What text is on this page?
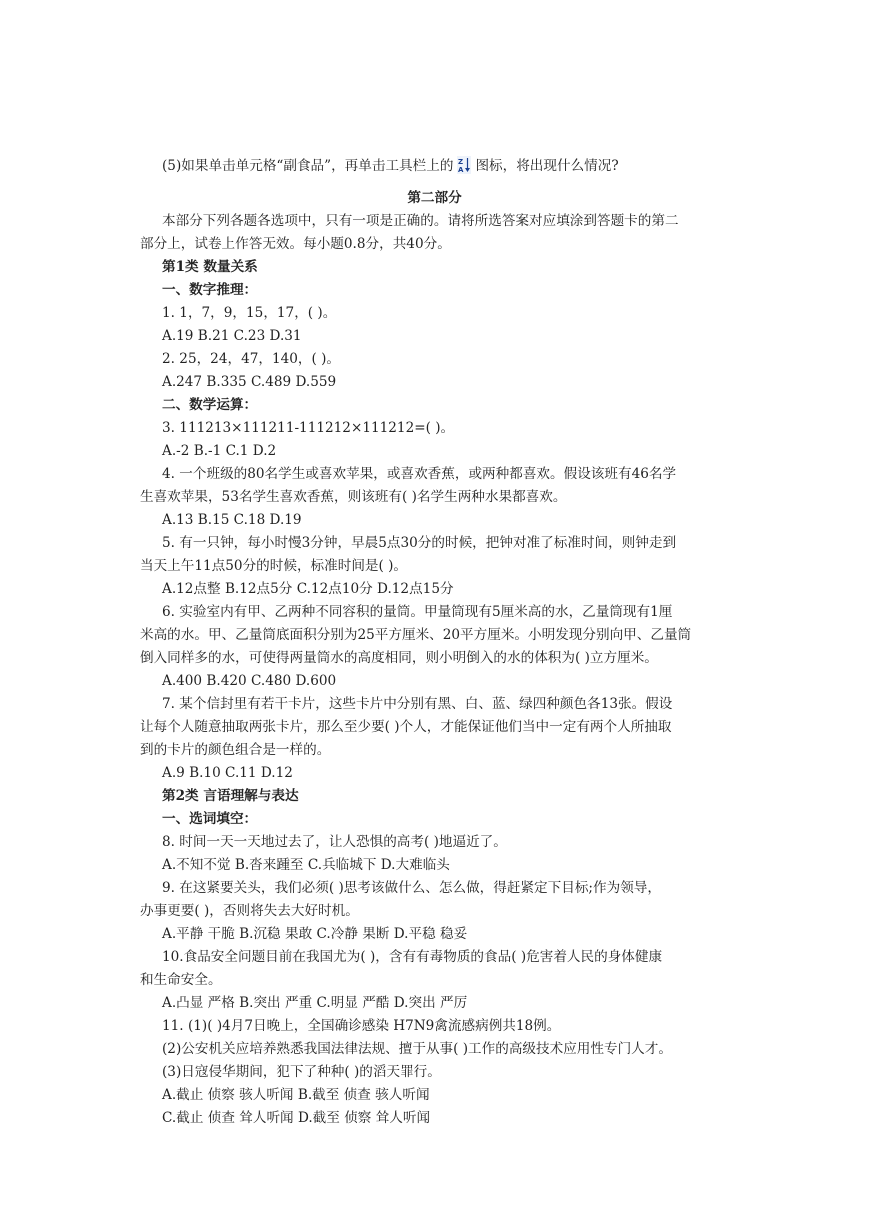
(5)如果单击单元格“副食品”，再单击工具栏上的 Z
A 图标，将出现什么情况?
第二部分
本部分下列各题各选项中，只有一项是正确的。请将所选答案对应填涂到答题卡的第二
部分上，试卷上作答无效。每小题0.8分，共40分。
第1类 数量关系
一、数字推理：
1. 1，7，9，15，17，( )。
A.19 B.21 C.23 D.31
2. 25，24，47，140，( )。
A.247 B.335 C.489 D.559
二、数学运算：
3. 111213×111211-111212×111212=( )。
A.-2 B.-1 C.1 D.2
4. 一个班级的80名学生或喜欢苹果，或喜欢香蕉，或两种都喜欢。假设该班有46名学
生喜欢苹果，53名学生喜欢香蕉，则该班有( )名学生两种水果都喜欢。
A.13 B.15 C.18 D.19
5. 有一只钟，每小时慢3分钟，早晨5点30分的时候，把钟对准了标准时间，则钟走到
当天上午11点50分的时候，标准时间是( )。
A.12点整 B.12点5分 C.12点10分 D.12点15分
6. 实验室内有甲、乙两种不同容积的量筒。甲量筒现有5厘米高的水，乙量筒现有1厘
米高的水。甲、乙量筒底面积分别为25平方厘米、20平方厘米。小明发现分别向甲、乙量筒
倒入同样多的水，可使得两量筒水的高度相同，则小明倒入的水的体积为( )立方厘米。
A.400 B.420 C.480 D.600
7. 某个信封里有若干卡片，这些卡片中分别有黑、白、蓝、绿四种颜色各13张。假设
让每个人随意抽取两张卡片，那么至少要( )个人，才能保证他们当中一定有两个人所抽取
到的卡片的颜色组合是一样的。
A.9 B.10 C.11 D.12
第2类 言语理解与表达
一、选词填空：
8. 时间一天一天地过去了，让人恐惧的高考( )地逼近了。
A.不知不觉 B.沓来踵至 C.兵临城下 D.大难临头
9. 在这紧要关头，我们必须( )思考该做什么、怎么做，得赶紧定下目标;作为领导，
办事更要( )，否则将失去大好时机。
A.平静 干脆 B.沉稳 果敢 C.冷静 果断 D.平稳 稳妥
10.食品安全问题目前在我国尤为( )，含有有毒物质的食品( )危害着人民的身体健康
和生命安全。
A.凸显 严格 B.突出 严重 C.明显 严酷 D.突出 严厉
11. (1)( )4月7日晚上，全国确诊感染 H7N9禽流感病例共18例。
(2)公安机关应培养熟悉我国法律法规、擅于从事( )工作的高级技术应用性专门人才。
(3)日寇侵华期间，犯下了种种( )的滔天罪行。
A.截止 侦察 骇人听闻 B.截至 侦查 骇人听闻
C.截止 侦查 耸人听闻 D.截至 侦察 耸人听闻
